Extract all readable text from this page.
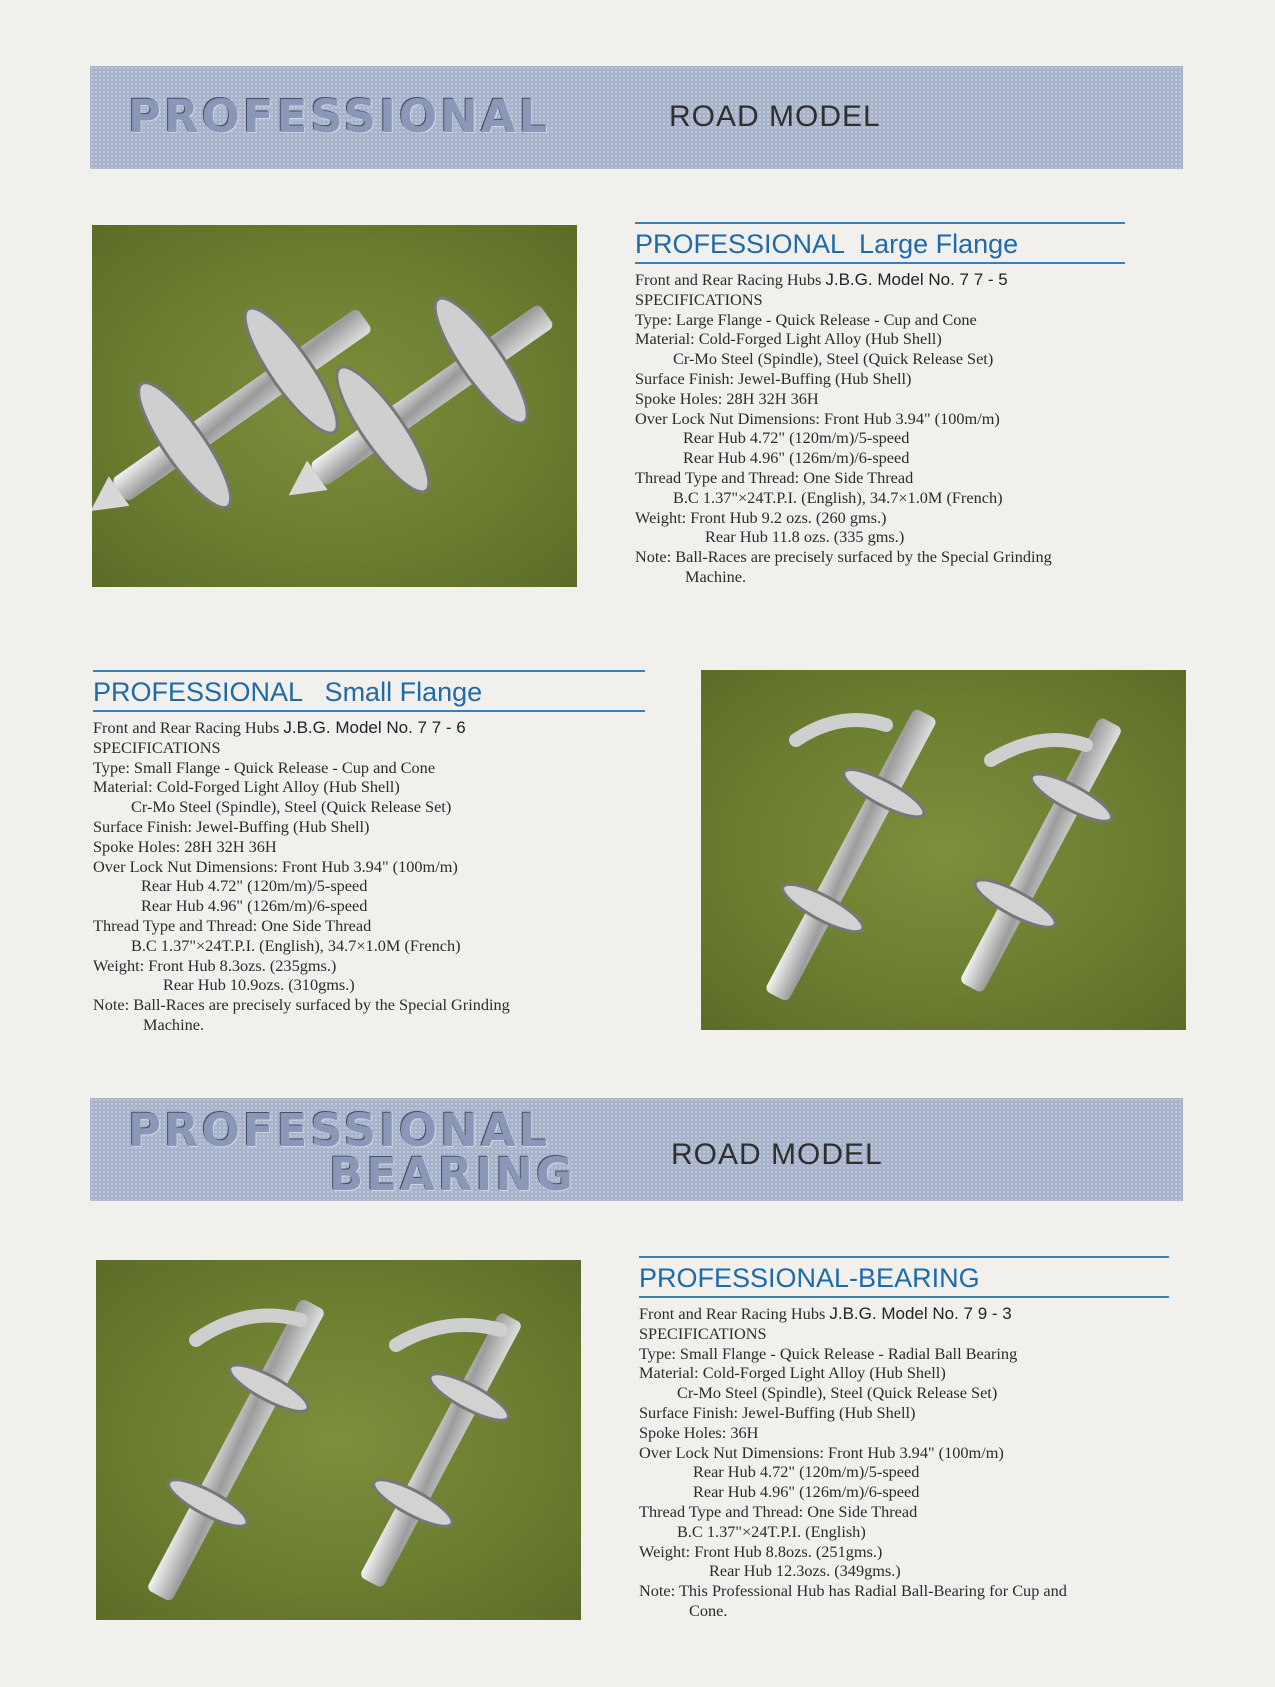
PROFESSIONAL	ROAD MODEL
PROFESSIONAL  Large Flange
Front and Rear Racing Hubs J.B.G. Model No. 7 7 - 5
SPECIFICATIONS
Type: Large Flange - Quick Release - Cup and Cone
Material: Cold-Forged Light Alloy (Hub Shell)
Cr-Mo Steel (Spindle), Steel (Quick Release Set)
Surface Finish: Jewel-Buffing (Hub Shell)
Spoke Holes: 28H 32H 36H
Over Lock Nut Dimensions: Front Hub 3.94" (100m/m)
Rear Hub 4.72" (120m/m)/5-speed
Rear Hub 4.96" (126m/m)/6-speed
Thread Type and Thread: One Side Thread
B.C 1.37"×24T.P.I. (English), 34.7×1.0M (French)
Weight: Front Hub 9.2 ozs. (260 gms.)
Rear Hub 11.8 ozs. (335 gms.)
Note: Ball-Races are precisely surfaced by the Special Grinding
Machine.
PROFESSIONAL   Small Flange
Front and Rear Racing Hubs J.B.G. Model No. 7 7 - 6
SPECIFICATIONS
Type: Small Flange - Quick Release - Cup and Cone
Material: Cold-Forged Light Alloy (Hub Shell)
Cr-Mo Steel (Spindle), Steel (Quick Release Set)
Surface Finish: Jewel-Buffing (Hub Shell)
Spoke Holes: 28H 32H 36H
Over Lock Nut Dimensions: Front Hub 3.94" (100m/m)
Rear Hub 4.72" (120m/m)/5-speed
Rear Hub 4.96" (126m/m)/6-speed
Thread Type and Thread: One Side Thread
B.C 1.37"×24T.P.I. (English), 34.7×1.0M (French)
Weight: Front Hub 8.3ozs. (235gms.)
Rear Hub 10.9ozs. (310gms.)
Note: Ball-Races are precisely surfaced by the Special Grinding
Machine.
PROFESSIONAL
BEARING	ROAD MODEL
PROFESSIONAL-BEARING
Front and Rear Racing Hubs J.B.G. Model No. 7 9 - 3
SPECIFICATIONS
Type: Small Flange - Quick Release - Radial Ball Bearing
Material: Cold-Forged Light Alloy (Hub Shell)
Cr-Mo Steel (Spindle), Steel (Quick Release Set)
Surface Finish: Jewel-Buffing (Hub Shell)
Spoke Holes: 36H
Over Lock Nut Dimensions: Front Hub 3.94" (100m/m)
Rear Hub 4.72" (120m/m)/5-speed
Rear Hub 4.96" (126m/m)/6-speed
Thread Type and Thread: One Side Thread
B.C 1.37"×24T.P.I. (English)
Weight: Front Hub 8.8ozs. (251gms.)
Rear Hub 12.3ozs. (349gms.)
Note: This Professional Hub has Radial Ball-Bearing for Cup and
Cone.
